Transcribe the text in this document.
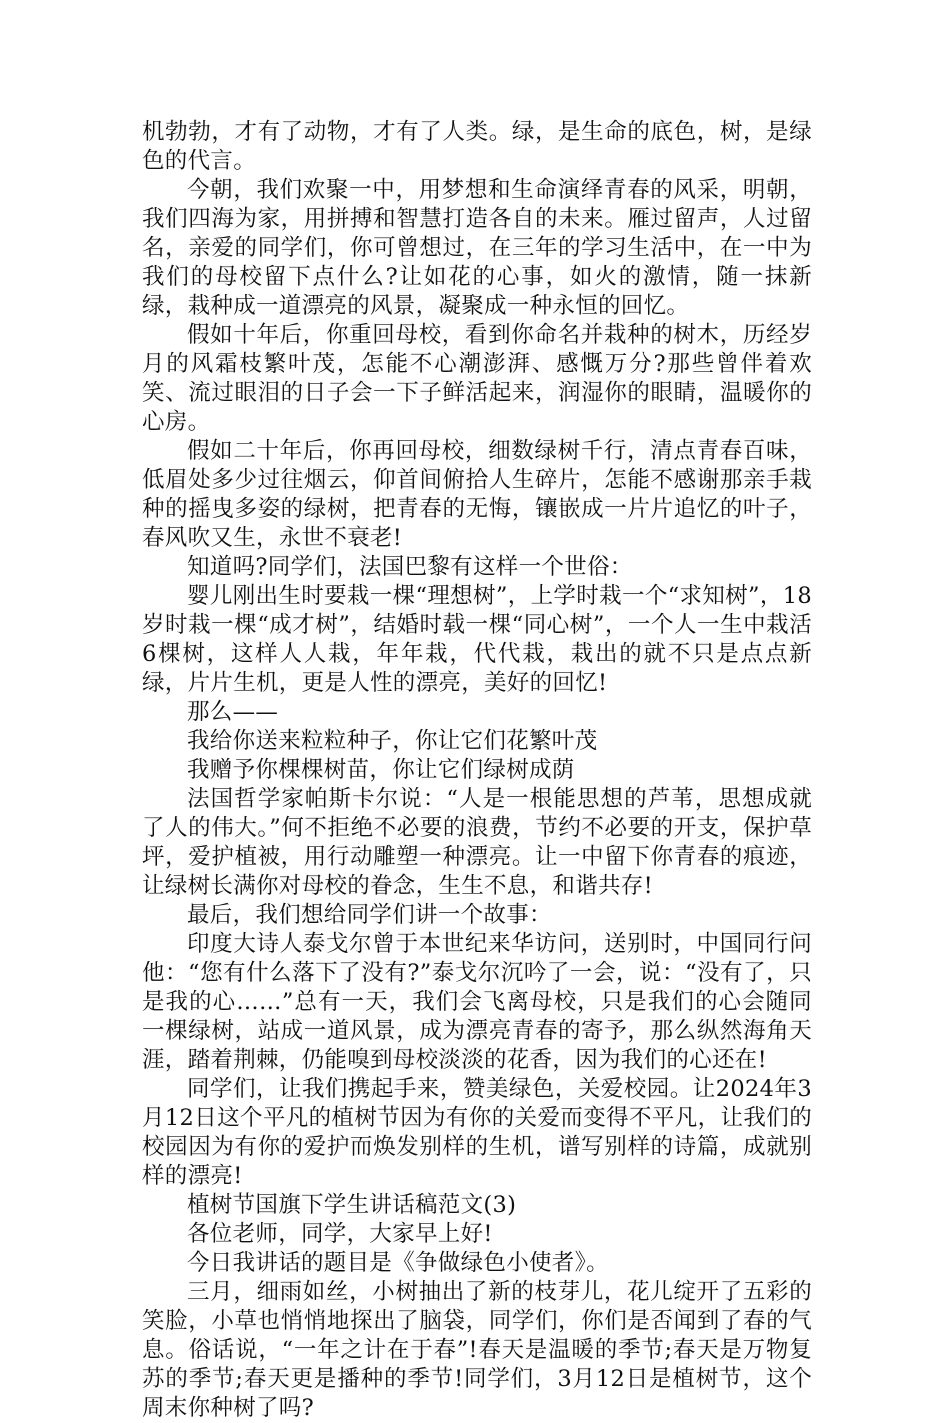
机勃勃，才有了动物，才有了人类。绿，是生命的底色，树，是绿色的代言。

今朝，我们欢聚一中，用梦想和生命演绎青春的风采，明朝，我们四海为家，用拼搏和智慧打造各自的未来。雁过留声，人过留名，亲爱的同学们，你可曾想过，在三年的学习生活中，在一中为我们的母校留下点什么?让如花的心事，如火的激情，随一抹新绿，栽种成一道漂亮的风景，凝聚成一种永恒的回忆。

假如十年后，你重回母校，看到你命名并栽种的树木，历经岁月的风霜枝繁叶茂，怎能不心潮澎湃、感慨万分?那些曾伴着欢笑、流过眼泪的日子会一下子鲜活起来，润湿你的眼睛，温暖你的心房。

假如二十年后，你再回母校，细数绿树千行，清点青春百味，低眉处多少过往烟云，仰首间俯拾人生碎片，怎能不感谢那亲手栽种的摇曳多姿的绿树，把青春的无悔，镶嵌成一片片追忆的叶子，春风吹又生，永世不衰老!

知道吗?同学们，法国巴黎有这样一个世俗：

婴儿刚出生时要栽一棵“理想树”，上学时栽一个“求知树”，18岁时栽一棵“成才树”，结婚时载一棵“同心树”，一个人一生中栽活6棵树，这样人人栽，年年栽，代代栽，栽出的就不只是点点新绿，片片生机，更是人性的漂亮，美好的回忆!

那么——

我给你送来粒粒种子，你让它们花繁叶茂

我赠予你棵棵树苗，你让它们绿树成荫

法国哲学家帕斯卡尔说：“人是一根能思想的芦苇，思想成就了人的伟大。”何不拒绝不必要的浪费，节约不必要的开支，保护草坪，爱护植被，用行动雕塑一种漂亮。让一中留下你青春的痕迹，让绿树长满你对母校的眷念，生生不息，和谐共存!

最后，我们想给同学们讲一个故事：

印度大诗人泰戈尔曾于本世纪来华访问，送别时，中国同行问他：“您有什么落下了没有?”泰戈尔沉吟了一会，说：“没有了，只是我的心……”总有一天，我们会飞离母校，只是我们的心会随同一棵绿树，站成一道风景，成为漂亮青春的寄予，那么纵然海角天涯，踏着荆棘，仍能嗅到母校淡淡的花香，因为我们的心还在!

同学们，让我们携起手来，赞美绿色，关爱校园。让2024年3月12日这个平凡的植树节因为有你的关爱而变得不平凡，让我们的校园因为有你的爱护而焕发别样的生机，谱写别样的诗篇，成就别样的漂亮!

植树节国旗下学生讲话稿范文(3)

各位老师，同学，大家早上好!

今日我讲话的题目是《争做绿色小使者》。

三月，细雨如丝，小树抽出了新的枝芽儿，花儿绽开了五彩的笑脸，小草也悄悄地探出了脑袋，同学们，你们是否闻到了春的气息。俗话说，“一年之计在于春”!春天是温暖的季节;春天是万物复苏的季节;春天更是播种的季节!同学们，3月12日是植树节，这个周末你种树了吗?
